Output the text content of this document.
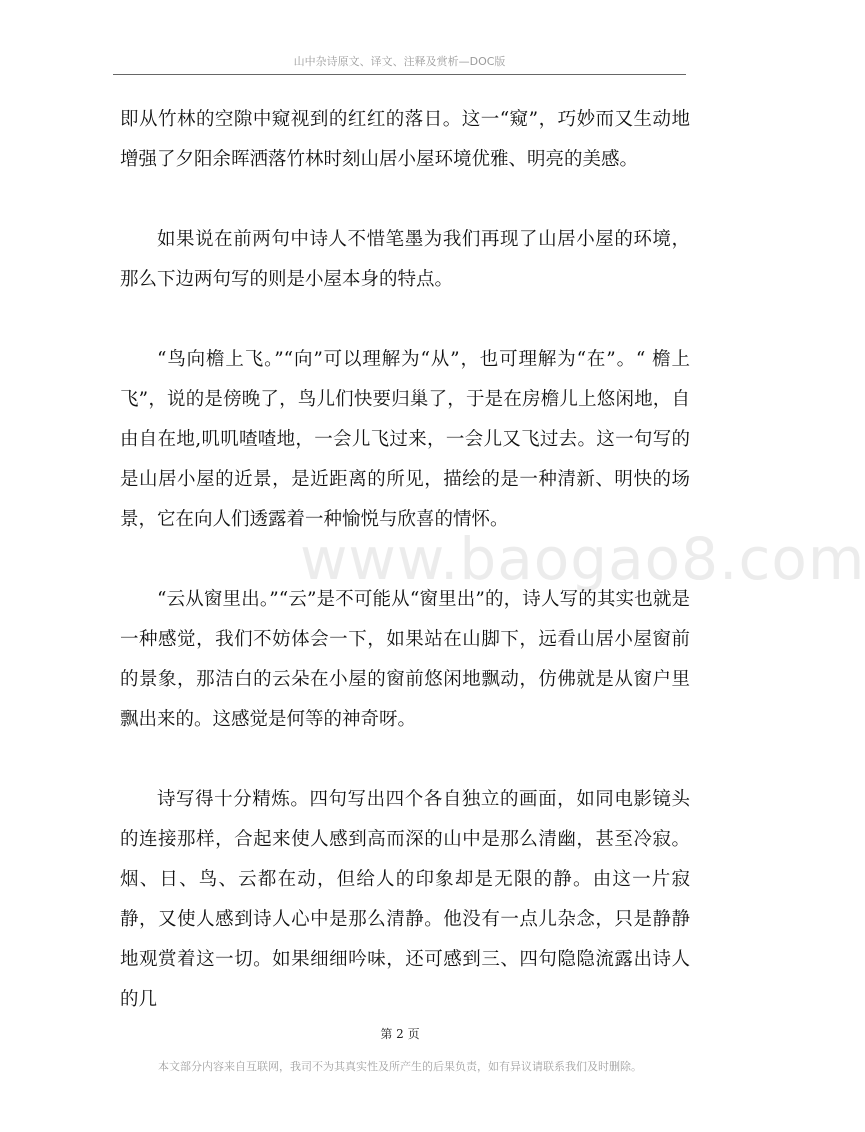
山中杂诗原文、译文、注释及赏析—DOC版
www.baogao8.com

即从竹林的空隙中窥视到的红红的落日。这一“窥”，巧妙而又生动地增强了夕阳余晖洒落竹林时刻山居小屋环境优雅、明亮的美感。

如果说在前两句中诗人不惜笔墨为我们再现了山居小屋的环境，那么下边两句写的则是小屋本身的特点。

“鸟向檐上飞。”“向”可以理解为“从”，也可理解为“在”。“ 檐上飞”，说的是傍晚了，鸟儿们快要归巢了，于是在房檐儿上悠闲地，自由自在地,叽叽喳喳地，一会儿飞过来，一会儿又飞过去。这一句写的是山居小屋的近景，是近距离的所见，描绘的是一种清新、明快的场景，它在向人们透露着一种愉悦与欣喜的情怀。

“云从窗里出。”“云”是不可能从“窗里出”的，诗人写的其实也就是一种感觉，我们不妨体会一下，如果站在山脚下，远看山居小屋窗前的景象，那洁白的云朵在小屋的窗前悠闲地飘动，仿佛就是从窗户里飘出来的。这感觉是何等的神奇呀。

诗写得十分精炼。四句写出四个各自独立的画面，如同电影镜头的连接那样，合起来使人感到高而深的山中是那么清幽，甚至冷寂。烟、日、鸟、云都在动，但给人的印象却是无限的静。由这一片寂静，又使人感到诗人心中是那么清静。他没有一点儿杂念，只是静静地观赏着这一切。如果细细吟味，还可感到三、四句隐隐流露出诗人的几

第 2 页
本文部分内容来自互联网，我司不为其真实性及所产生的后果负责，如有异议请联系我们及时删除。
